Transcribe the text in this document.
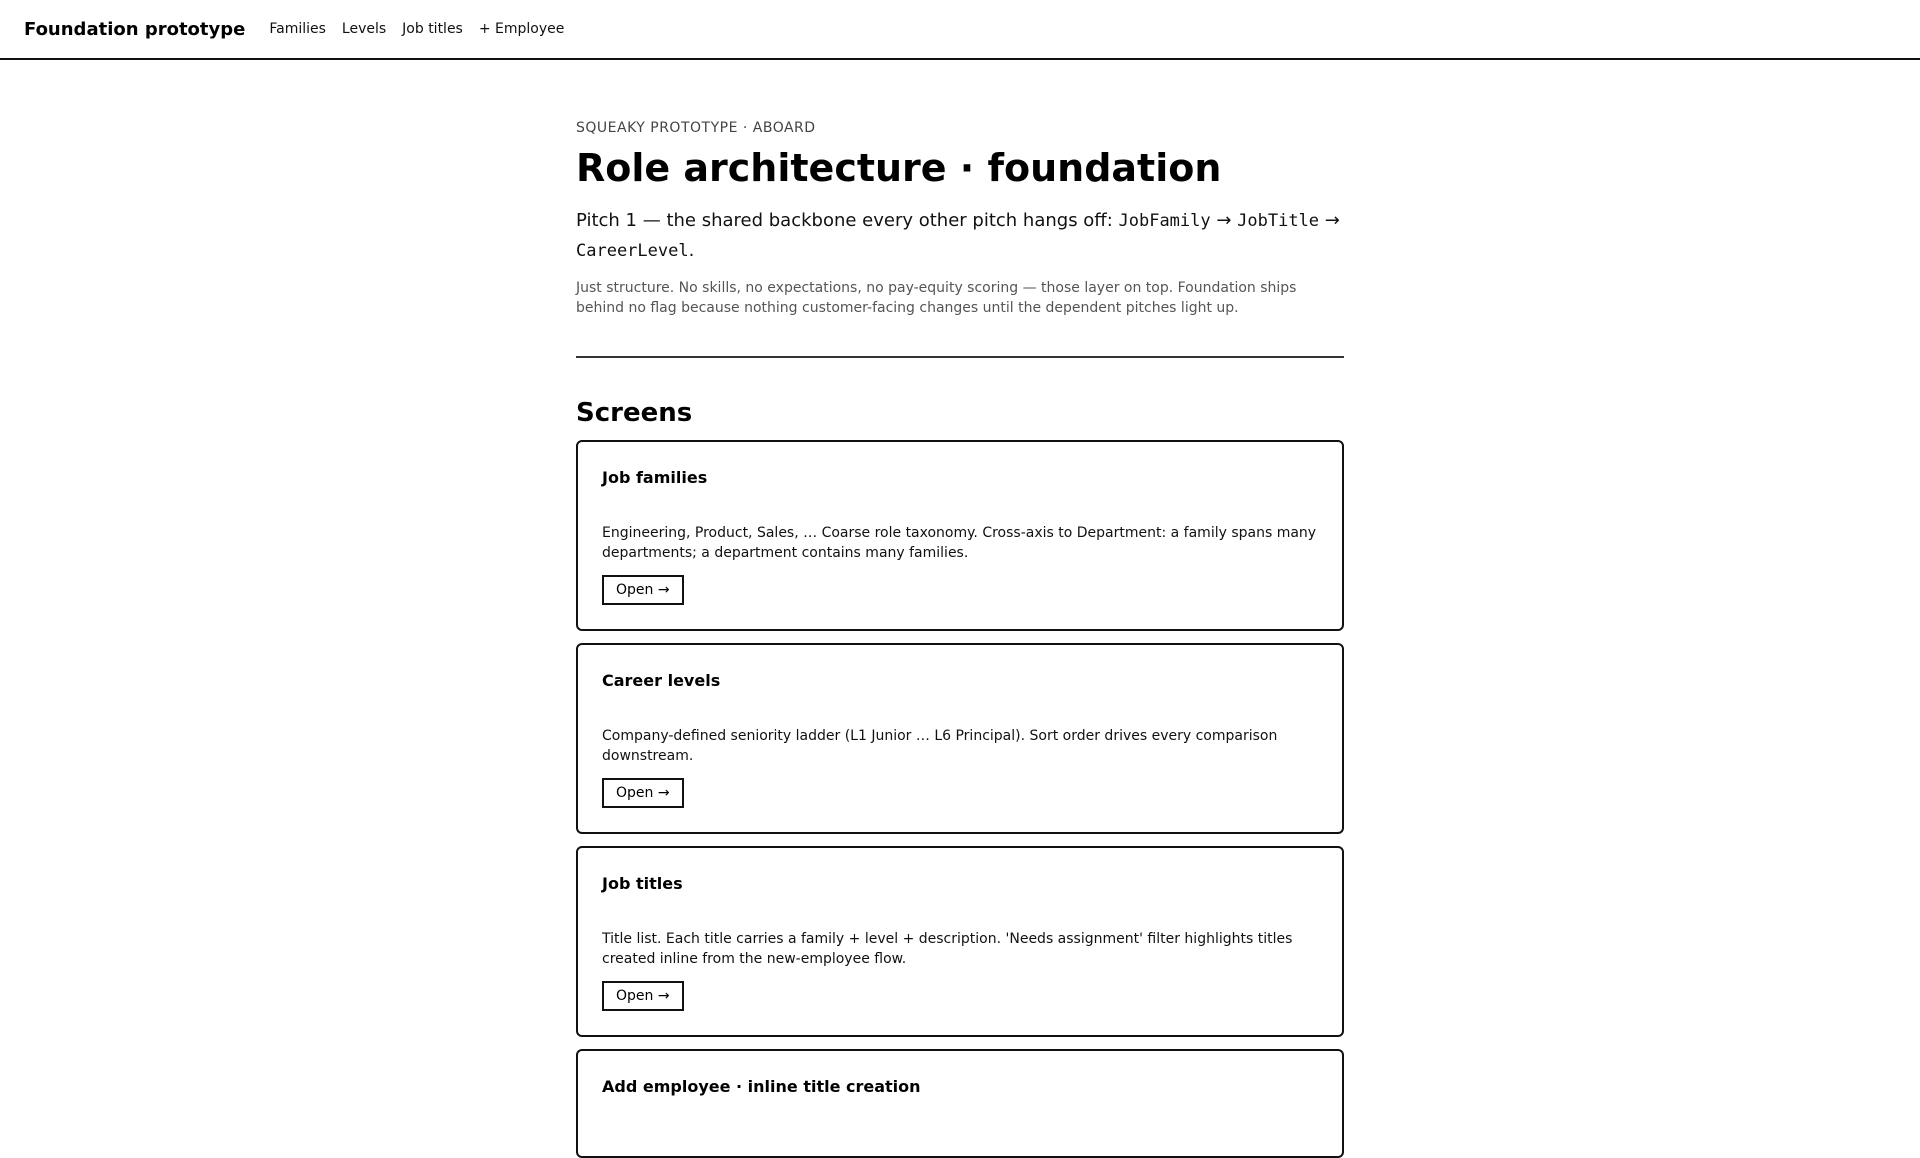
Foundation prototype Families Levels Job titles + Employee
SQUEAKY PROTOTYPE · ABOARD
Role architecture · foundation
Pitch 1 — the shared backbone every other pitch hangs off: JobFamily → JobTitle → CareerLevel.
Just structure. No skills, no expectations, no pay-equity scoring — those layer on top. Foundation ships behind no flag because nothing customer-facing changes until the dependent pitches light up.
Screens
Job families
Engineering, Product, Sales, … Coarse role taxonomy. Cross-axis to Department: a family spans many departments; a department contains many families.
Open →
Career levels
Company-defined seniority ladder (L1 Junior … L6 Principal). Sort order drives every comparison downstream.
Open →
Job titles
Title list. Each title carries a family + level + description. 'Needs assignment' filter highlights titles created inline from the new-employee flow.
Open →
Add employee · inline title creation
